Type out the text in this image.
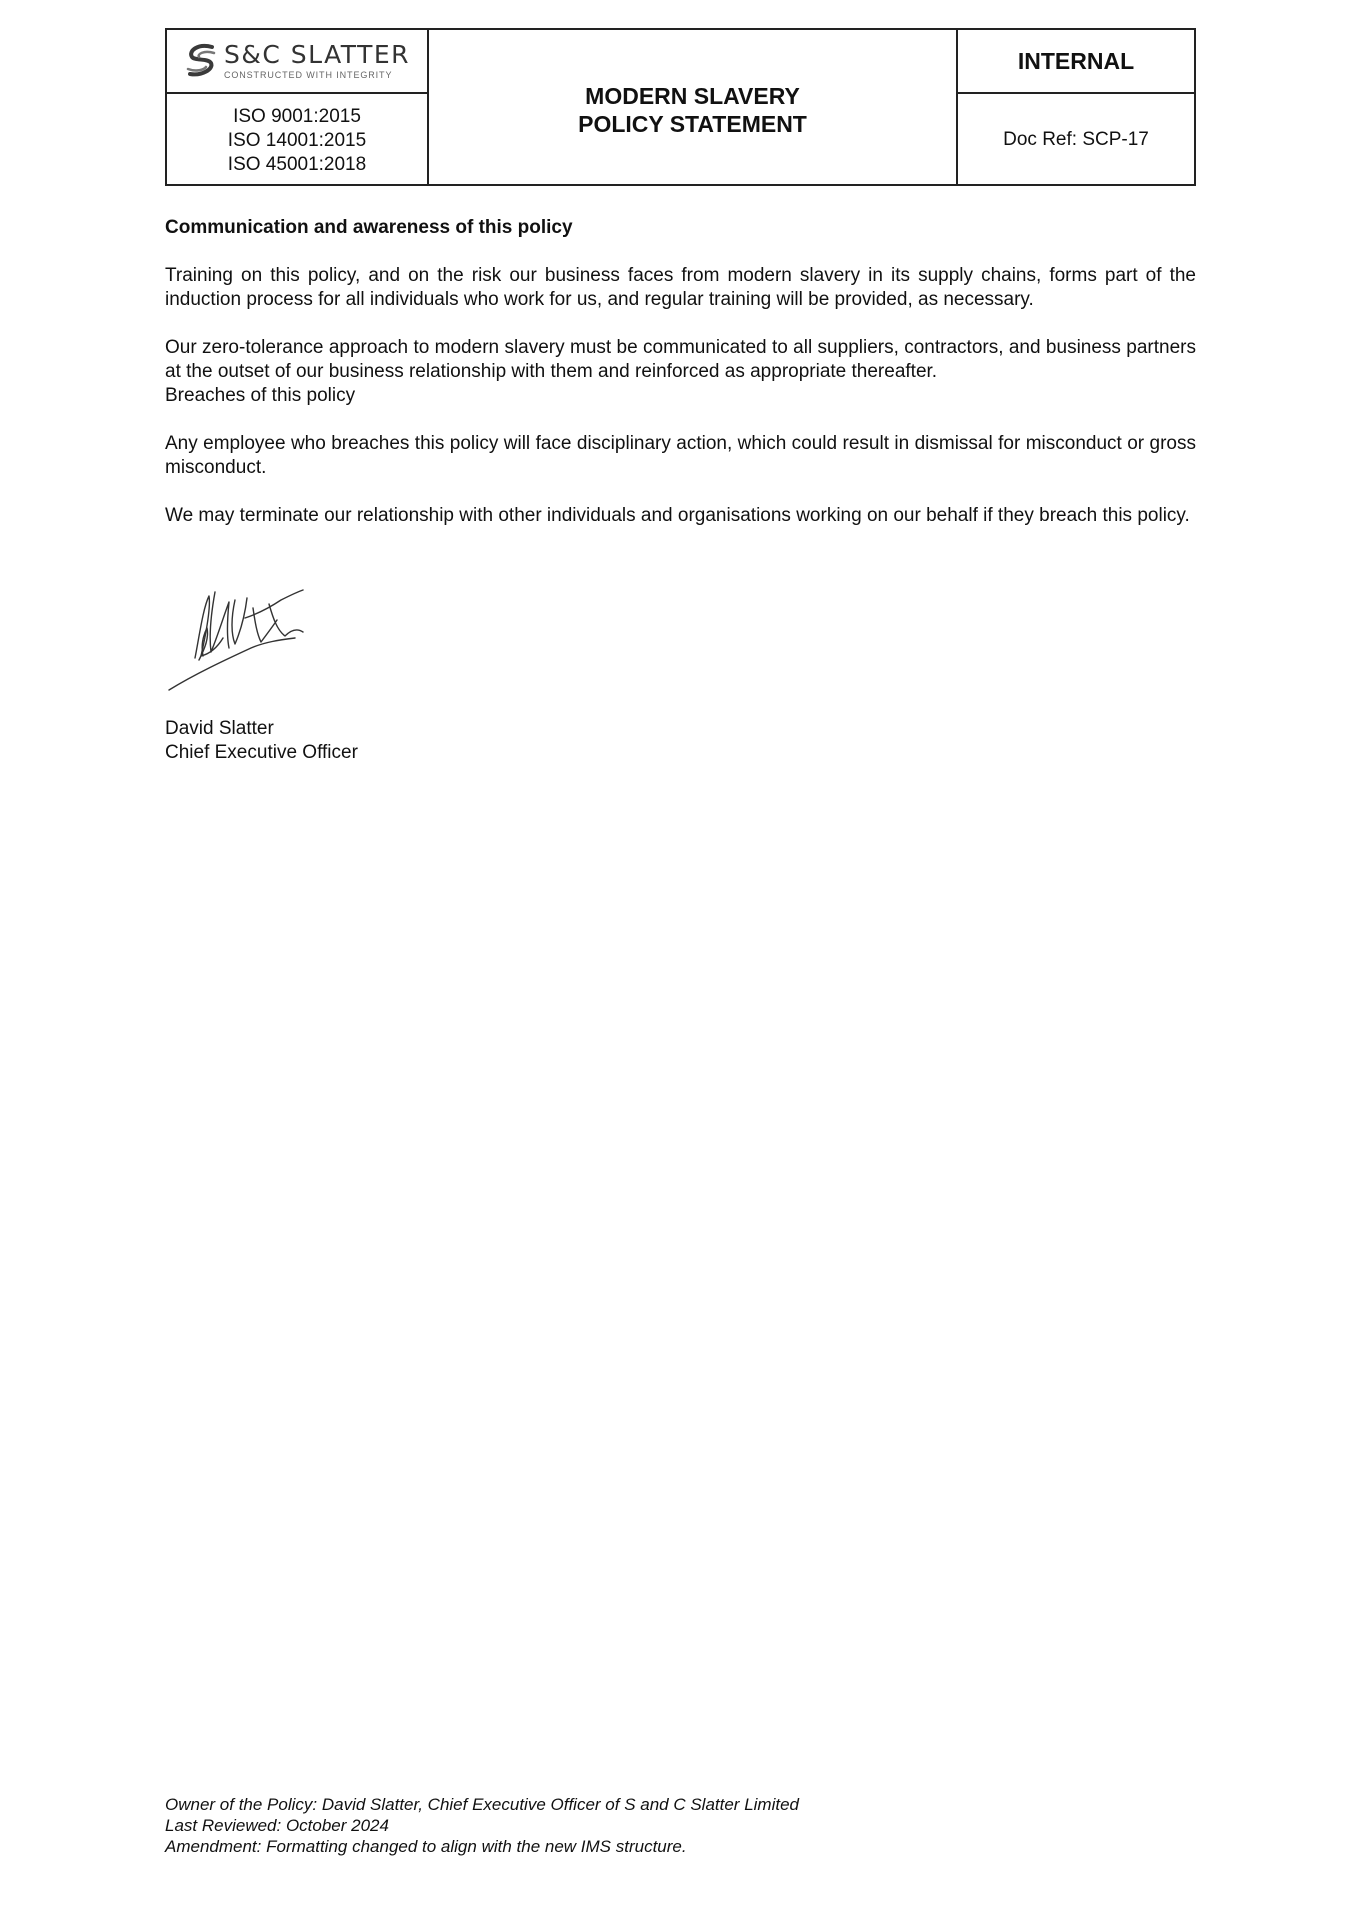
S&C SLATTER
CONSTRUCTED WITH INTEGRITY
ISO 9001:2015
ISO 14001:2015
ISO 45001:2018
MODERN SLAVERY
POLICY STATEMENT
INTERNAL
Doc Ref: SCP-17

Communication and awareness of this policy

Training on this policy, and on the risk our business faces from modern slavery in its supply chains, forms part of the induction process for all individuals who work for us, and regular training will be provided, as necessary.

Our zero-tolerance approach to modern slavery must be communicated to all suppliers, contractors, and business partners at the outset of our business relationship with them and reinforced as appropriate thereafter.

Breaches of this policy

Any employee who breaches this policy will face disciplinary action, which could result in dismissal for misconduct or gross misconduct.

We may terminate our relationship with other individuals and organisations working on our behalf if they breach this policy.

David Slatter
Chief Executive Officer
Owner of the Policy: David Slatter, Chief Executive Officer of S and C Slatter Limited
Last Reviewed: October 2024
Amendment: Formatting changed to align with the new IMS structure.
